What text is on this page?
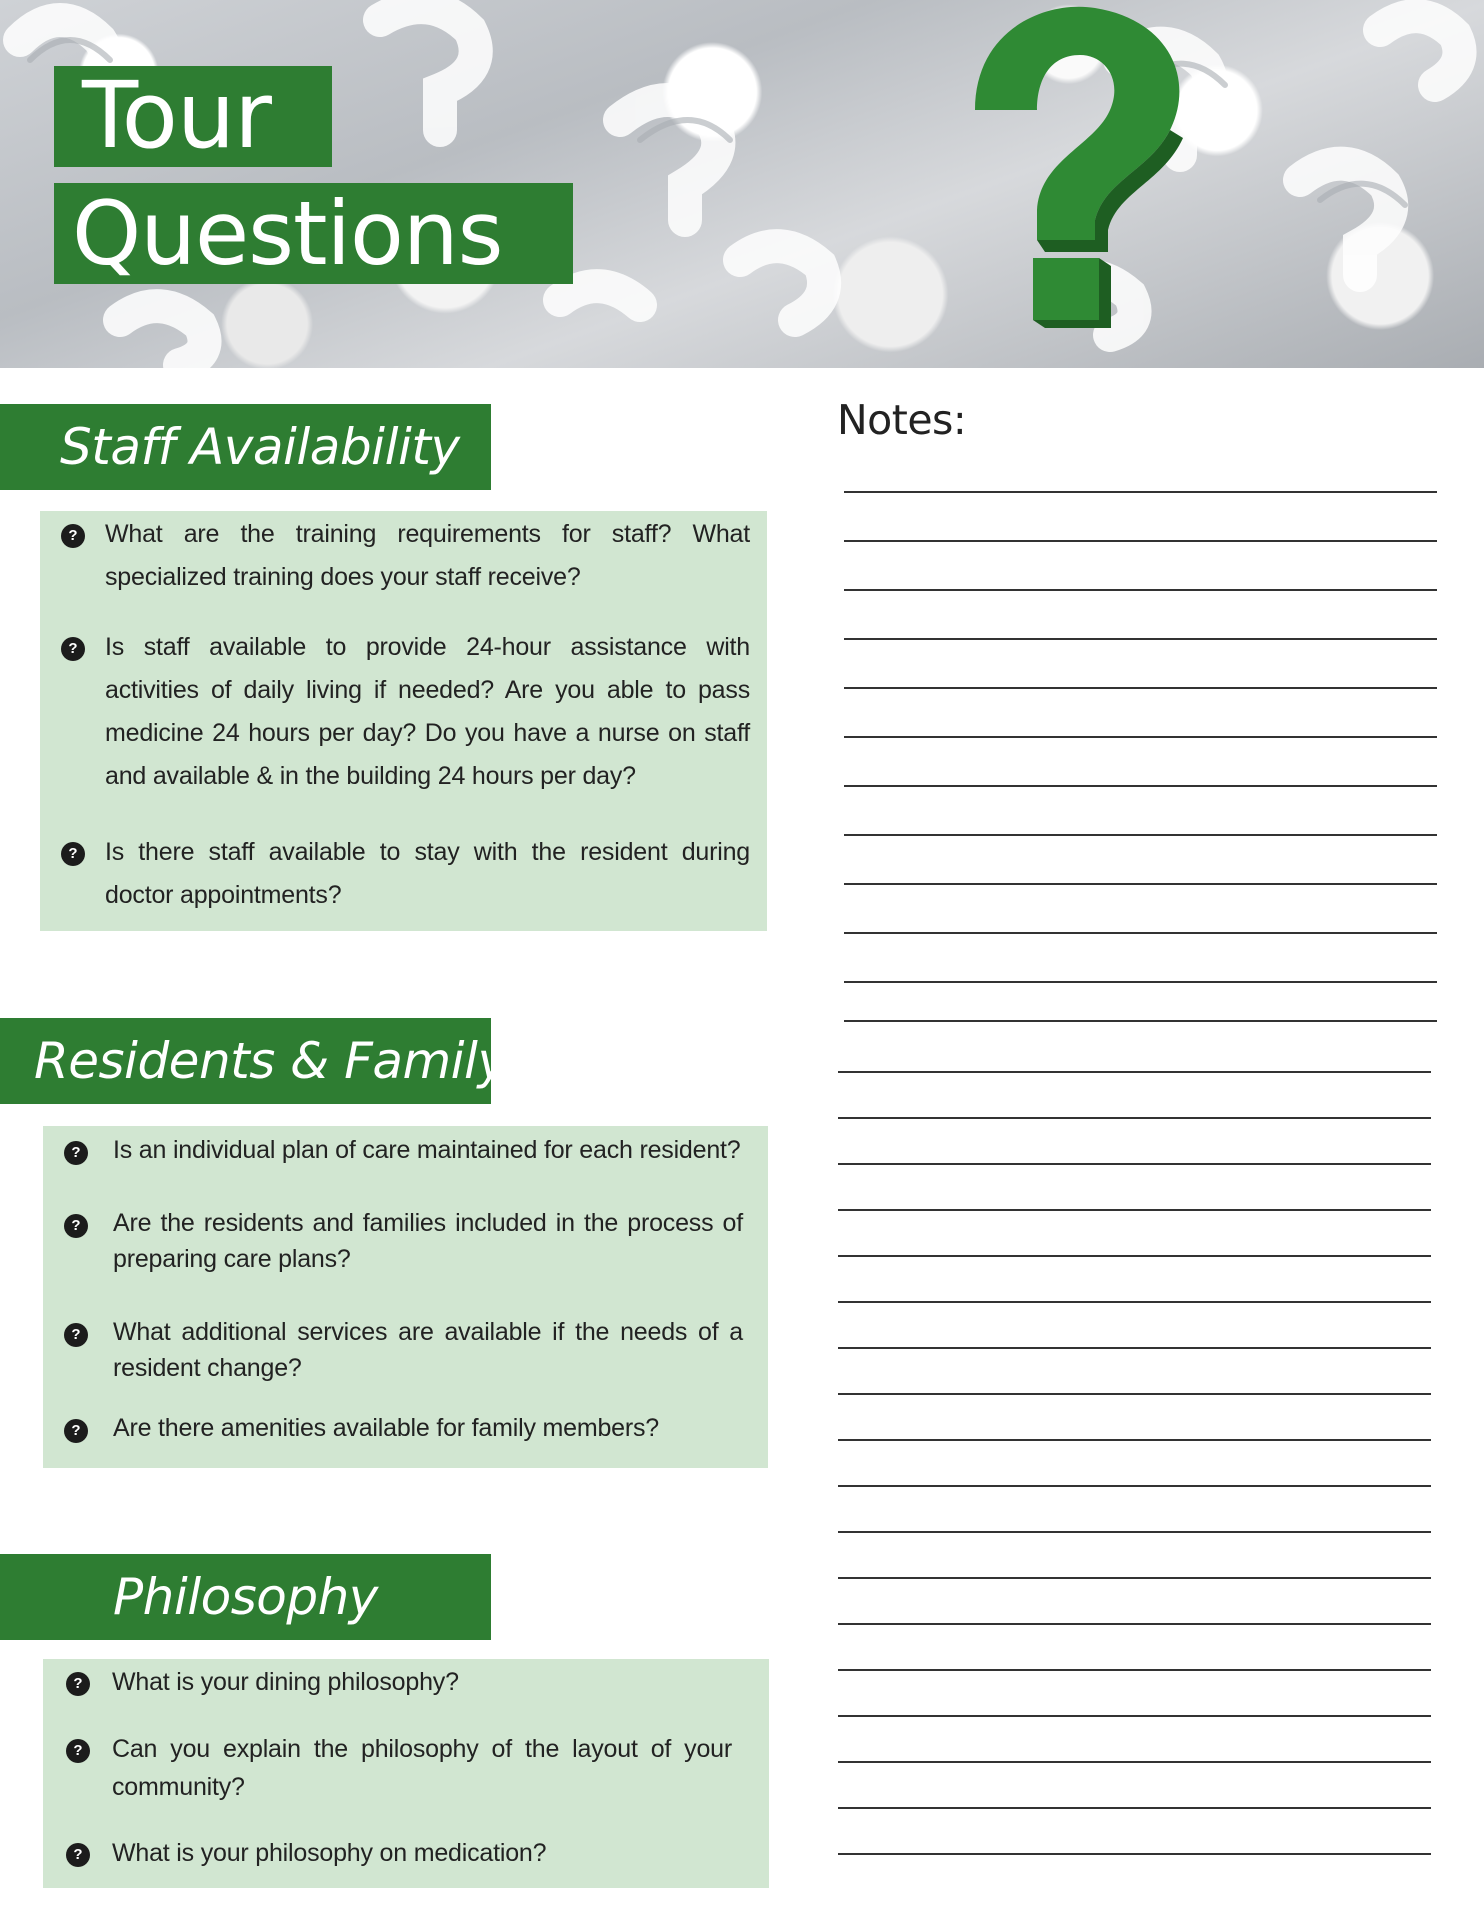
Tour
Questions
Staff Availability
? What are the training requirements for staff? What specialized training does your staff receive?
? Is staff available to provide 24-hour assistance with activities of daily living if needed? Are you able to pass medicine 24 hours per day? Do you have a nurse on staff and available & in the building 24 hours per day?
? Is there staff available to stay with the resident during doctor appointments?
Residents & Family
? Is an individual plan of care maintained for each resident?
? Are the residents and families included in the process of preparing care plans?
? What additional services are available if the needs of a resident change?
? Are there amenities available for family members?
Philosophy
? What is your dining philosophy?
? Can you explain the philosophy of the layout of your community?
? What is your philosophy on medication?
Notes:
